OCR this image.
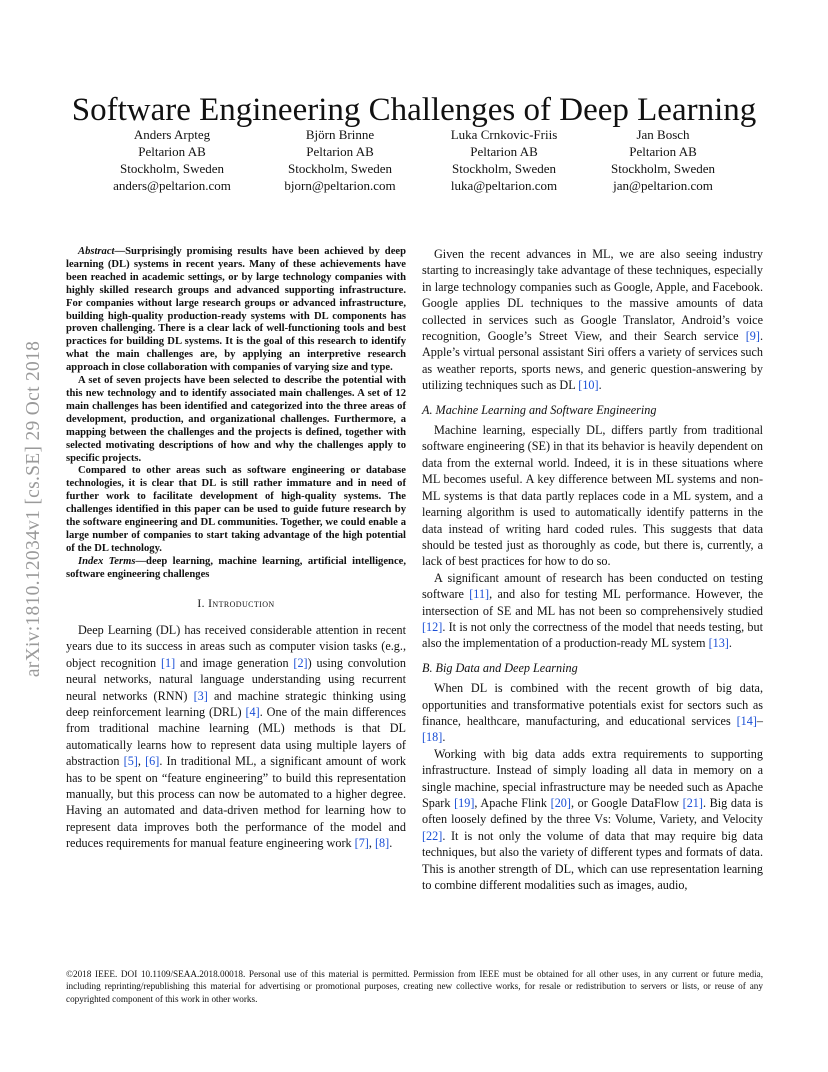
arXiv:1810.12034v1 [cs.SE] 29 Oct 2018
Software Engineering Challenges of Deep Learning
Anders Arpteg
Peltarion AB
Stockholm, Sweden
anders@peltarion.com
Björn Brinne
Peltarion AB
Stockholm, Sweden
bjorn@peltarion.com
Luka Crnkovic-Friis
Peltarion AB
Stockholm, Sweden
luka@peltarion.com
Jan Bosch
Peltarion AB
Stockholm, Sweden
jan@peltarion.com

Abstract—Surprisingly promising results have been achieved by deep learning (DL) systems in recent years. Many of these achievements have been reached in academic settings, or by large technology companies with highly skilled research groups and advanced supporting infrastructure. For companies without large research groups or advanced infrastructure, building high-quality production-ready systems with DL components has proven challenging. There is a clear lack of well-functioning tools and best practices for building DL systems. It is the goal of this research to identify what the main challenges are, by applying an interpretive research approach in close collaboration with companies of varying size and type.

A set of seven projects have been selected to describe the potential with this new technology and to identify associated main challenges. A set of 12 main challenges has been identified and categorized into the three areas of development, production, and organizational challenges. Furthermore, a mapping between the challenges and the projects is defined, together with selected motivating descriptions of how and why the challenges apply to specific projects.

Compared to other areas such as software engineering or database technologies, it is clear that DL is still rather immature and in need of further work to facilitate development of high-quality systems. The challenges identified in this paper can be used to guide future research by the software engineering and DL communities. Together, we could enable a large number of companies to start taking advantage of the high potential of the DL technology.

Index Terms—deep learning, machine learning, artificial intelligence, software engineering challenges

I. Introduction

Deep Learning (DL) has received considerable attention in recent years due to its success in areas such as computer vision tasks (e.g., object recognition [1] and image generation [2]) using convolution neural networks, natural language understanding using recurrent neural networks (RNN) [3] and machine strategic thinking using deep reinforcement learning (DRL) [4]. One of the main differences from traditional machine learning (ML) methods is that DL automatically learns how to represent data using multiple layers of abstraction [5], [6]. In traditional ML, a significant amount of work has to be spent on “feature engineering” to build this representation manually, but this process can now be automated to a higher degree. Having an automated and data-driven method for learning how to represent data improves both the performance of the model and reduces requirements for manual feature engineering work [7], [8].

Given the recent advances in ML, we are also seeing industry starting to increasingly take advantage of these techniques, especially in large technology companies such as Google, Apple, and Facebook. Google applies DL techniques to the massive amounts of data collected in services such as Google Translator, Android’s voice recognition, Google’s Street View, and their Search service [9]. Apple’s virtual personal assistant Siri offers a variety of services such as weather reports, sports news, and generic question-answering by utilizing techniques such as DL [10].

A. Machine Learning and Software Engineering

Machine learning, especially DL, differs partly from traditional software engineering (SE) in that its behavior is heavily dependent on data from the external world. Indeed, it is in these situations where ML becomes useful. A key difference between ML systems and non-ML systems is that data partly replaces code in a ML system, and a learning algorithm is used to automatically identify patterns in the data instead of writing hard coded rules. This suggests that data should be tested just as thoroughly as code, but there is, currently, a lack of best practices for how to do so.

A significant amount of research has been conducted on testing software [11], and also for testing ML performance. However, the intersection of SE and ML has not been so comprehensively studied [12]. It is not only the correctness of the model that needs testing, but also the implementation of a production-ready ML system [13].

B. Big Data and Deep Learning

When DL is combined with the recent growth of big data, opportunities and transformative potentials exist for sectors such as finance, healthcare, manufacturing, and educational services [14]–[18].

Working with big data adds extra requirements to supporting infrastructure. Instead of simply loading all data in memory on a single machine, special infrastructure may be needed such as Apache Spark [19], Apache Flink [20], or Google DataFlow [21]. Big data is often loosely defined by the three Vs: Volume, Variety, and Velocity [22]. It is not only the volume of data that may require big data techniques, but also the variety of different types and formats of data. This is another strength of DL, which can use representation learning to combine different modalities such as images, audio,

©2018 IEEE. DOI 10.1109/SEAA.2018.00018. Personal use of this material is permitted. Permission from IEEE must be obtained for all other uses, in any current or future media, including reprinting/republishing this material for advertising or promotional purposes, creating new collective works, for resale or redistribution to servers or lists, or reuse of any copyrighted component of this work in other works.
